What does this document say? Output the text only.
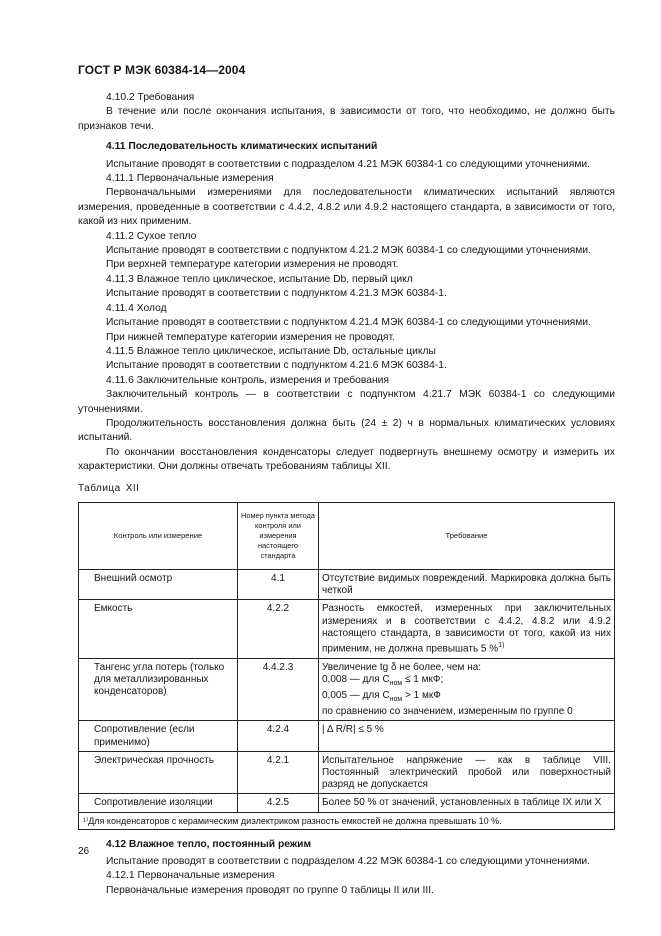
ГОСТ Р МЭК 60384-14—2004

4.10.2 Требования

В течение или после окончания испытания, в зависимости от того, что необходимо, не должно быть признаков течи.

4.11 Последовательность климатических испытаний

Испытание проводят в соответствии с подразделом 4.21 МЭК 60384-1 со следующими уточнениями.

4.11.1 Первоначальные измерения

Первоначальными измерениями для последовательности климатических испытаний являются измерения, проведенные в соответствии с 4.4.2, 4.8.2 или 4.9.2 настоящего стандарта, в зависимости от того, какой из них применим.

4.11.2 Сухое тепло

Испытание проводят в соответствии с подпунктом 4.21.2 МЭК 60384-1 со следующими уточнениями.

При верхней температуре категории измерения не проводят.

4.11.3 Влажное тепло циклическое, испытание Db, первый цикл

Испытание проводят в соответствии с подпунктом 4.21.3 МЭК 60384-1.

4.11.4 Холод

Испытание проводят в соответствии с подпунктом 4.21.4 МЭК 60384-1 со следующими уточнениями.

При нижней температуре категории измерения не проводят.

4.11.5 Влажное тепло циклическое, испытание Db, остальные циклы

Испытание проводят в соответствии с подпунктом 4.21.6 МЭК 60384-1.

4.11.6 Заключительные контроль, измерения и требования

Заключительный контроль — в соответствии с подпунктом 4.21.7 МЭК 60384-1 со следующими уточнениями.

Продолжительность восстановления должна быть (24 ± 2) ч в нормальных климатических условиях испытаний.

По окончании восстановления конденсаторы следует подвергнуть внешнему осмотру и измерить их характеристики. Они должны отвечать требованиям таблицы XII.

Таблица XII

Контроль или измерение	Номер пункта метода контроля или измерения настоящего стандарта	Требование

Внешний осмотр	4.1	Отсутствие видимых повреждений. Маркировка должна быть четкой

Емкость	4.2.2	Разность емкостей, измеренных при заключительных измерениях и в соответствии с 4.4.2, 4.8.2 или 4.9.2 настоящего стандарта, в зависимости от того, какой из них применим, не должна превышать 5 %$^{1)}$

Тангенс угла потерь (только для металлизированных конденсаторов)	4.4.2.3	Увеличение tg δ не более, чем на:
0,008 — для $C_{ном} \le 1$ мкФ;
0,005 — для $C_{ном} > 1$ мкФ
по сравнению со значением, измеренным по группе 0

Сопротивление (если применимо)	4.2.4	| Δ R/R| ≤ 5 %

Электрическая прочность	4.2.1	Испытательное напряжение — как в таблице VIII. Постоянный электрический пробой или поверхностный разряд не допускается

Сопротивление изоляции	4.2.5	Более 50 % от значений, установленных в таблице IX или X
¹⁾Для конденсаторов с керамическим диэлектриком разность емкостей не должна превышать 10 %.		

4.12 Влажное тепло, постоянный режим

Испытание проводят в соответствии с подразделом 4.22 МЭК 60384-1 со следующими уточнениями.

4.12.1 Первоначальные измерения

Первоначальные измерения проводят по группе 0 таблицы II или III.

26
